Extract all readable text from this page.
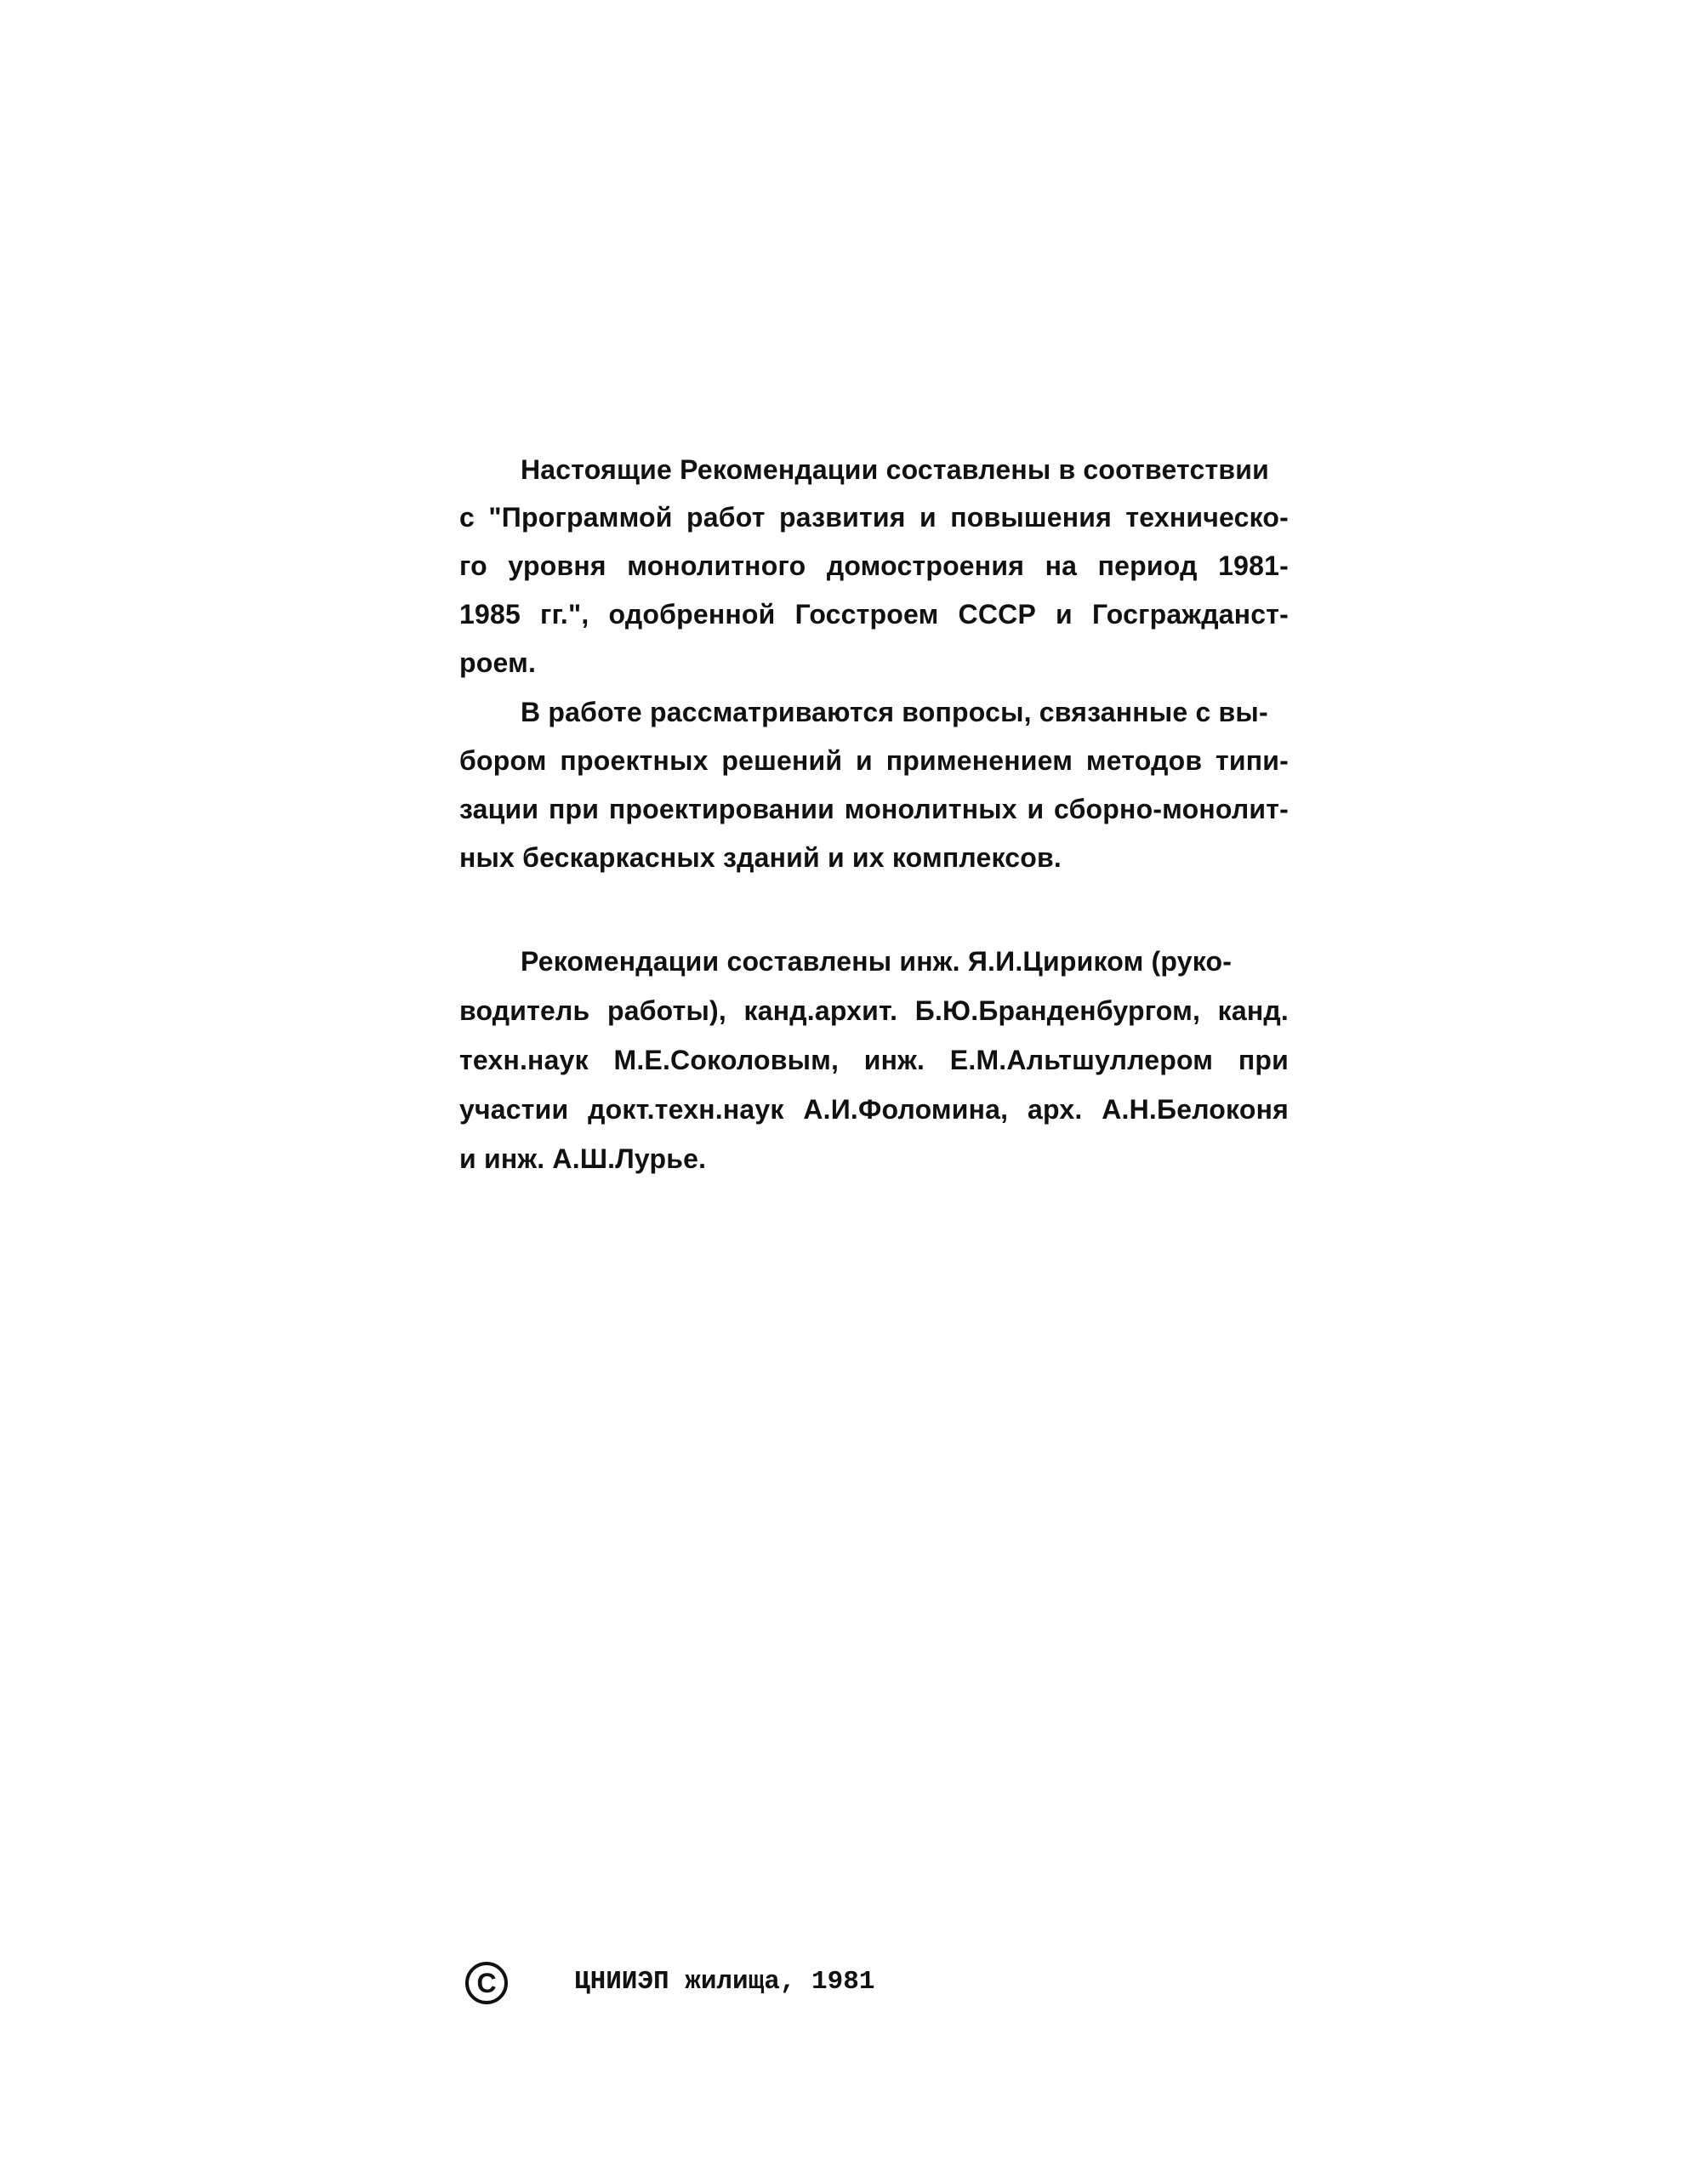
Настоящие Рекомендации составлены в соответствии
с "Программой работ развития и повышения техническо-
го уровня монолитного домостроения на период 1981-
1985 гг.", одобренной Госстроем СССР и Госгражданст-
роем.
В работе рассматриваются вопросы, связанные с вы-
бором проектных решений и применением методов типи-
зации при проектировании монолитных и сборно-монолит-
ных бескаркасных зданий и их комплексов.
Рекомендации составлены инж. Я.И.Цириком (руко-
водитель работы), канд.архит. Б.Ю.Бранденбургом, канд.
техн.наук М.Е.Соколовым, инж. Е.М.Альтшуллером при
участии докт.техн.наук А.И.Фоломина, арх. А.Н.Белоконя
и инж. А.Ш.Лурье.
C	ЦНИИЭП жилища, 1981
